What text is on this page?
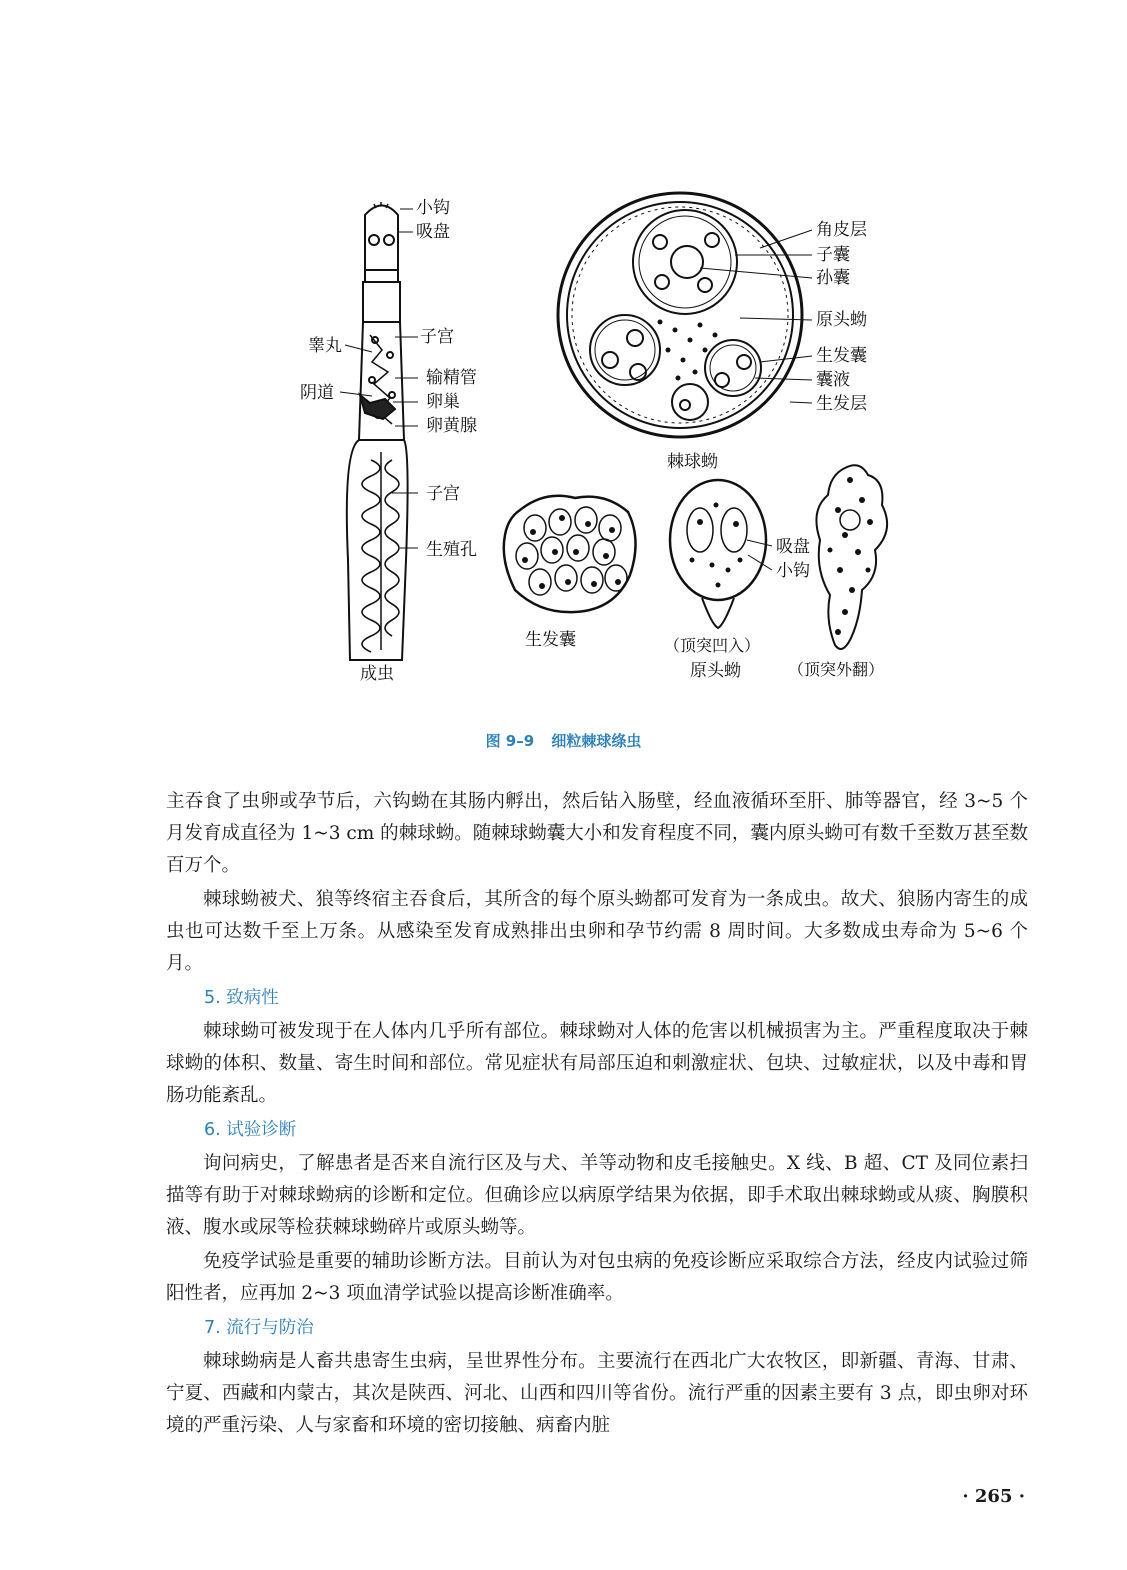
小钩
吸盘
子宫
睾丸
输精管
阴道	卵巢
卵黄腺
子宫
生殖孔
成虫
角皮层
子囊
孙囊
原头蚴
生发囊
囊液
生发层
棘球蚴
生发囊
吸盘
小钩
（顶突凹入）
原头蚴	（顶突外翻）
图 9–9 细粒棘球绦虫

主吞食了虫卵或孕节后，六钩蚴在其肠内孵出，然后钻入肠壁，经血液循环至肝、肺等器官，经 3~5 个月发育成直径为 1~3 cm 的棘球蚴。随棘球蚴囊大小和发育程度不同，囊内原头蚴可有数千至数万甚至数百万个。

棘球蚴被犬、狼等终宿主吞食后，其所含的每个原头蚴都可发育为一条成虫。故犬、狼肠内寄生的成虫也可达数千至上万条。从感染至发育成熟排出虫卵和孕节约需 8 周时间。大多数成虫寿命为 5~6 个月。

5. 致病性

棘球蚴可被发现于在人体内几乎所有部位。棘球蚴对人体的危害以机械损害为主。严重程度取决于棘球蚴的体积、数量、寄生时间和部位。常见症状有局部压迫和刺激症状、包块、过敏症状，以及中毒和胃肠功能紊乱。

6. 试验诊断

询问病史，了解患者是否来自流行区及与犬、羊等动物和皮毛接触史。X 线、B 超、CT 及同位素扫描等有助于对棘球蚴病的诊断和定位。但确诊应以病原学结果为依据，即手术取出棘球蚴或从痰、胸膜积液、腹水或尿等检获棘球蚴碎片或原头蚴等。

免疫学试验是重要的辅助诊断方法。目前认为对包虫病的免疫诊断应采取综合方法，经皮内试验过筛阳性者，应再加 2~3 项血清学试验以提高诊断准确率。

7. 流行与防治

棘球蚴病是人畜共患寄生虫病，呈世界性分布。主要流行在西北广大农牧区，即新疆、青海、甘肃、宁夏、西藏和内蒙古，其次是陕西、河北、山西和四川等省份。流行严重的因素主要有 3 点，即虫卵对环境的严重污染、人与家畜和环境的密切接触、病畜内脏

· 265 ·
